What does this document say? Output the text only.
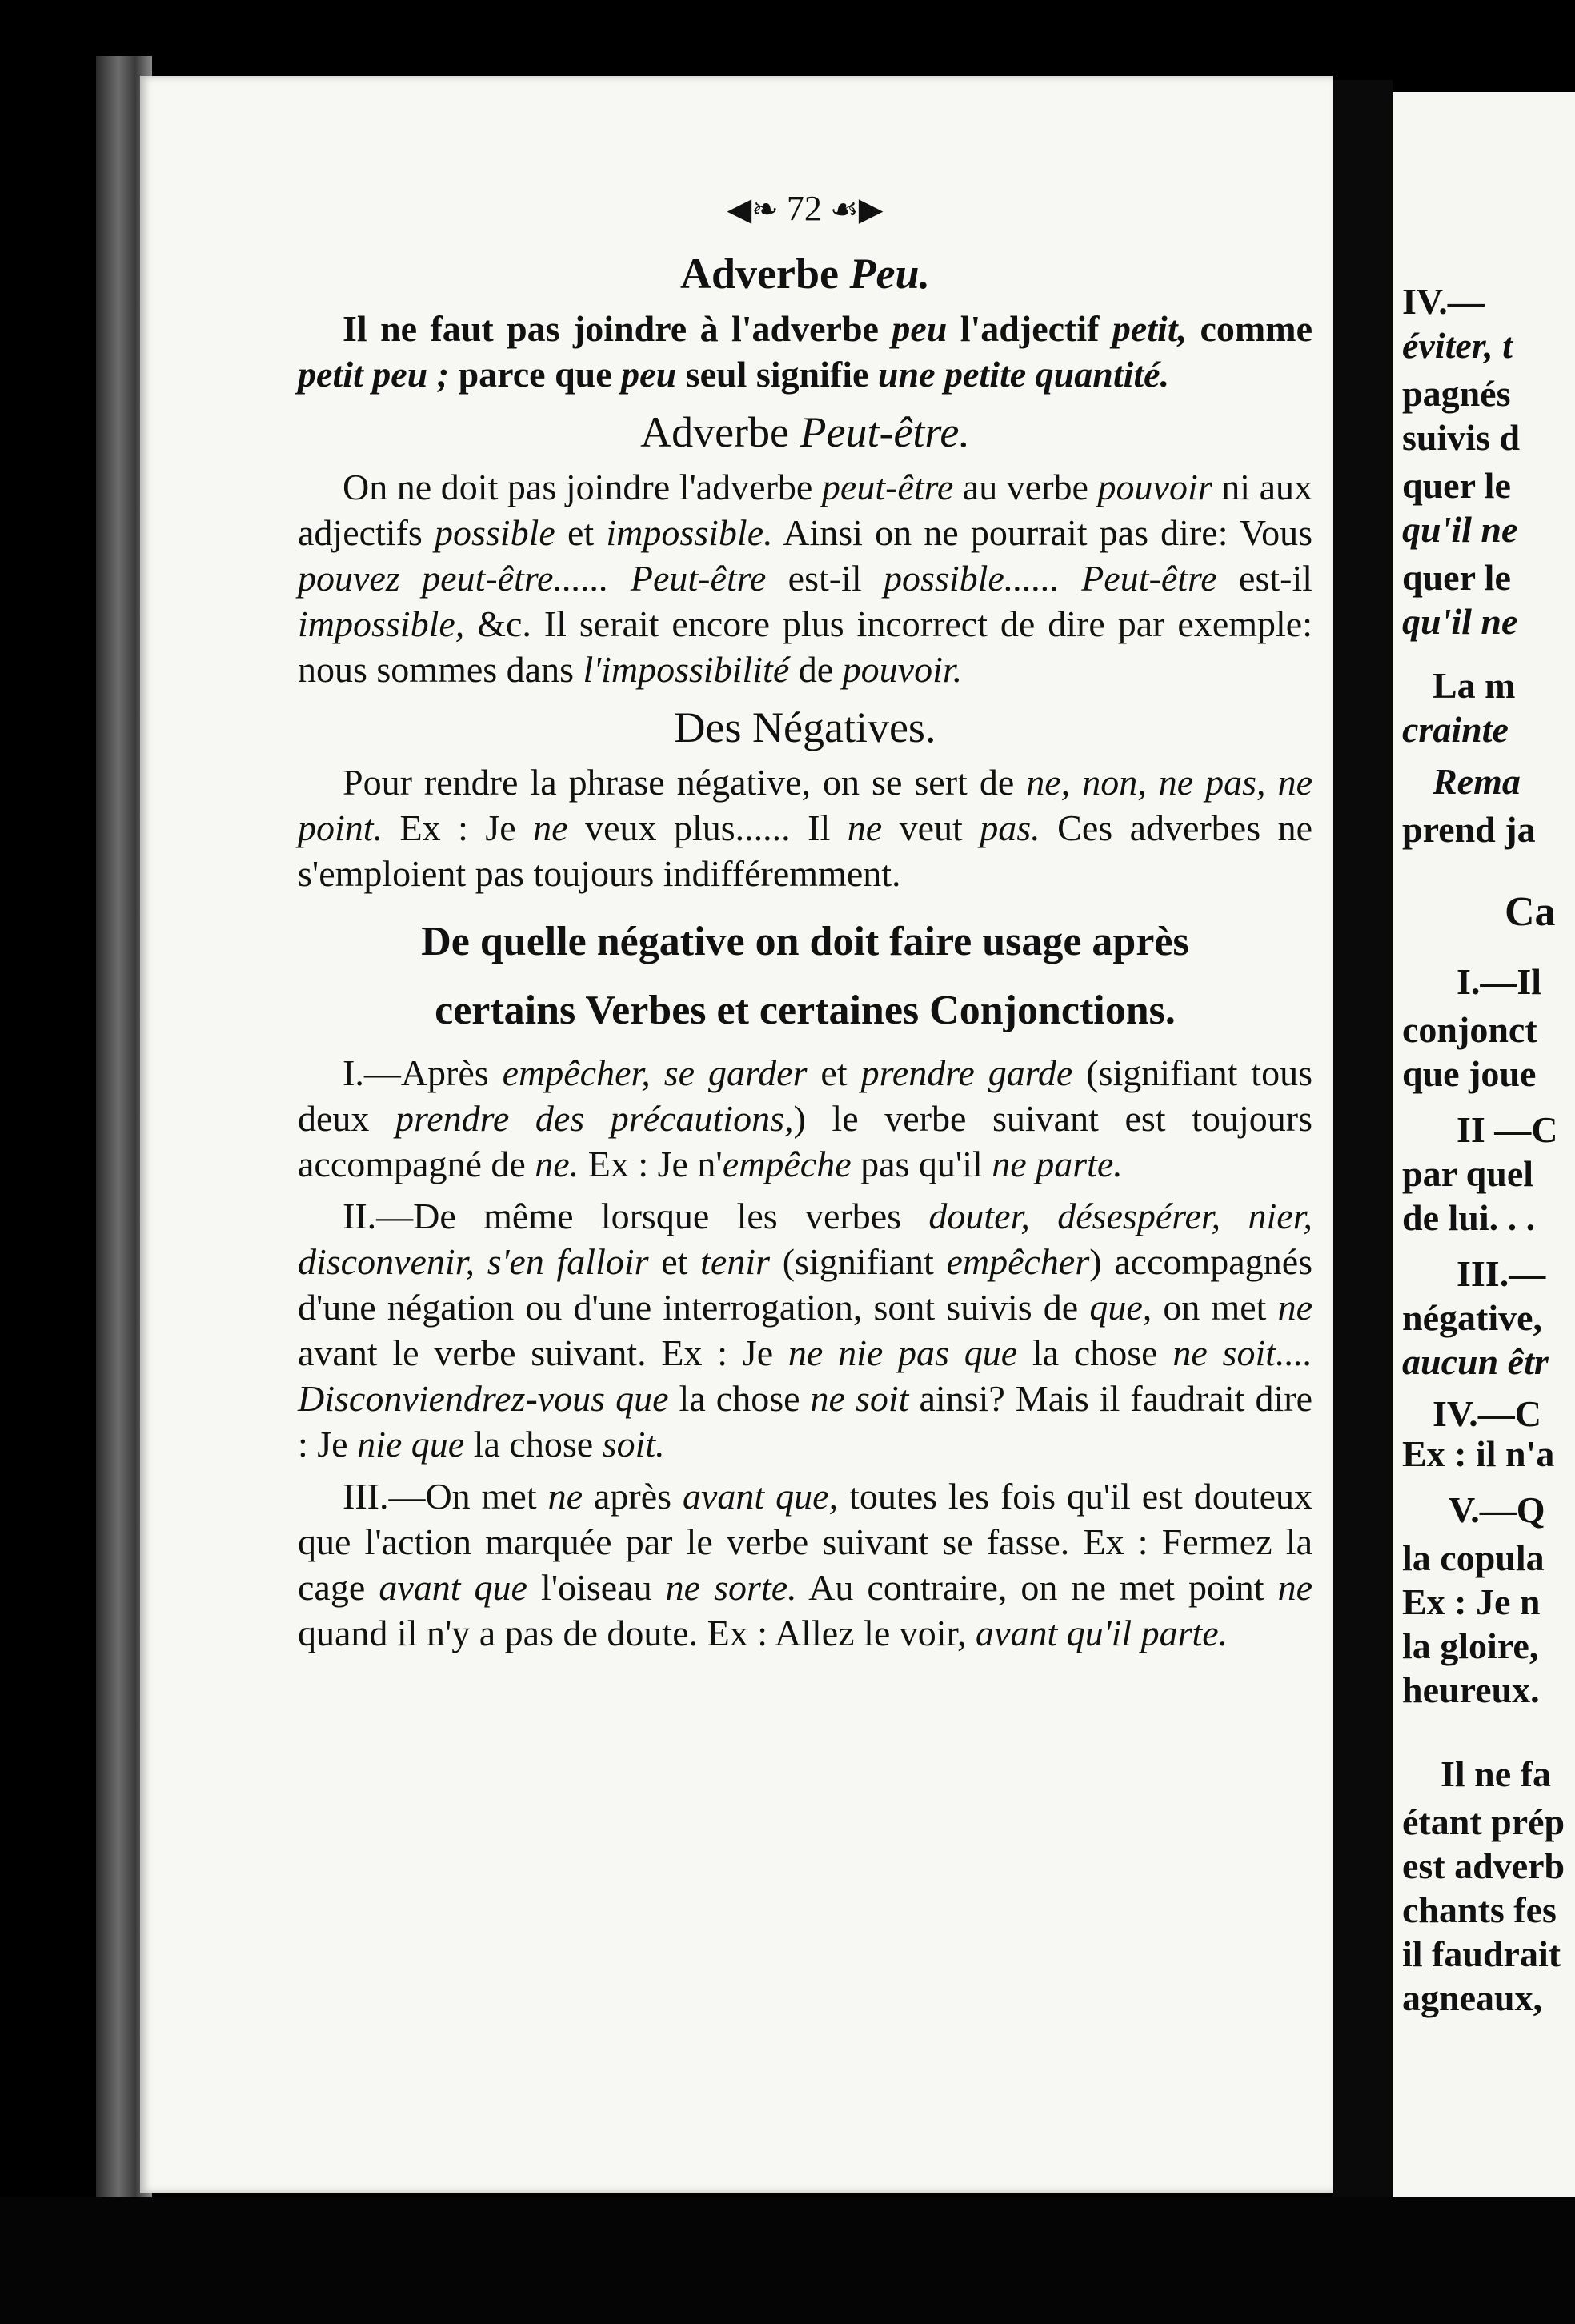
◀❧ 72 ☙▶
Adverbe Peu.

Il ne faut pas joindre à l'adverbe peu l'adjectif petit, comme petit peu ; parce que peu seul signifie une petite quantité.

Adverbe Peut-être.

On ne doit pas joindre l'adverbe peut-être au verbe pouvoir ni aux adjectifs possible et impossible. Ainsi on ne pourrait pas dire: Vous pouvez peut-être...... Peut-être est-il possible...... Peut-être est-il impossible, &c. Il serait encore plus incorrect de dire par exemple: nous sommes dans l'impossibilité de pouvoir.

Des Négatives.

Pour rendre la phrase négative, on se sert de ne, non, ne pas, ne point. Ex : Je ne veux plus...... Il ne veut pas. Ces adverbes ne s'emploient pas toujours indifféremment.

De quelle négative on doit faire usage après
certains Verbes et certaines Conjonctions.

I.—Après empêcher, se garder et prendre garde (signifiant tous deux prendre des précautions,) le verbe suivant est toujours accompagné de ne. Ex : Je n'empêche pas qu'il ne parte.

II.—De même lorsque les verbes douter, désespérer, nier, disconvenir, s'en falloir et tenir (signifiant empêcher) accompagnés d'une négation ou d'une interrogation, sont suivis de que, on met ne avant le verbe suivant. Ex : Je ne nie pas que la chose ne soit.... Disconviendrez-vous que la chose ne soit ainsi? Mais il faudrait dire : Je nie que la chose soit.

III.—On met ne après avant que, toutes les fois qu'il est douteux que l'action marquée par le verbe suivant se fasse. Ex : Fermez la cage avant que l'oiseau ne sorte. Au contraire, on ne met point ne quand il n'y a pas de doute. Ex : Allez le voir, avant qu'il parte.

IV.—
éviter, t
pagnés
suivis d
quer le
qu'il ne
quer le
qu'il ne
La m
crainte
Rema
prend ja
Ca
I.—Il
conjonct
que joue
II —C
par quel
de lui. . .
III.—
négative,
aucun êtr
IV.—C
Ex : il n'a
V.—Q
la copula
Ex : Je n
la gloire,
heureux.
Il ne fa
étant prép
est adverb
chants fes
il faudrait
agneaux,
